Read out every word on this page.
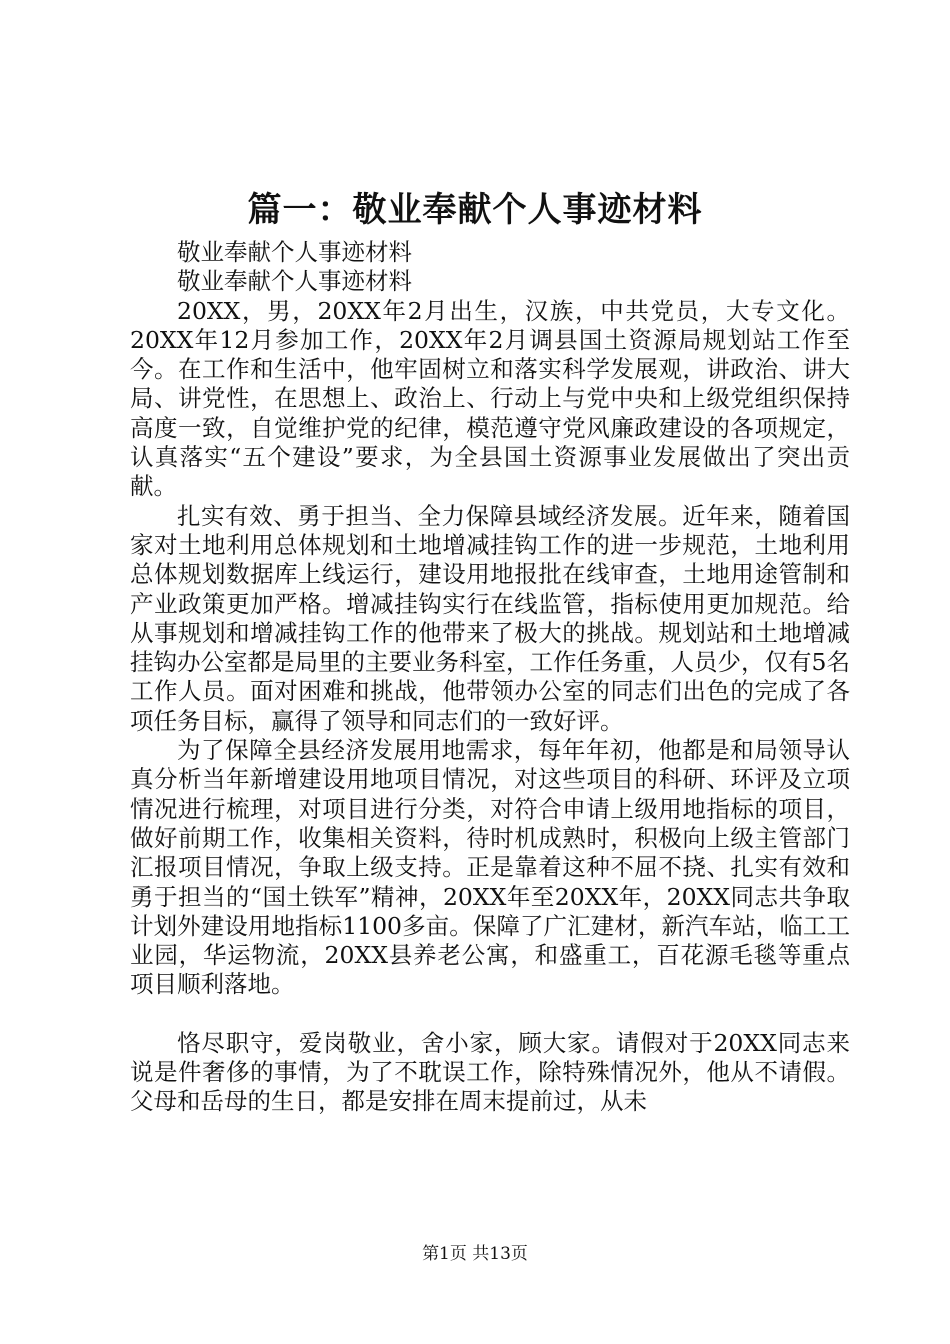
篇一：敬业奉献个人事迹材料

敬业奉献个人事迹材料

敬业奉献个人事迹材料

20XX，男，20XX年2月出生，汉族，中共党员，大专文化。20XX年12月参加工作，20XX年2月调县国土资源局规划站工作至今。在工作和生活中，他牢固树立和落实科学发展观，讲政治、讲大局、讲党性，在思想上、政治上、行动上与党中央和上级党组织保持高度一致，自觉维护党的纪律，模范遵守党风廉政建设的各项规定，认真落实“五个建设”要求，为全县国土资源事业发展做出了突出贡献。

扎实有效、勇于担当、全力保障县域经济发展。近年来，随着国家对土地利用总体规划和土地增减挂钩工作的进一步规范，土地利用总体规划数据库上线运行，建设用地报批在线审查，土地用途管制和产业政策更加严格。增减挂钩实行在线监管，指标使用更加规范。给从事规划和增减挂钩工作的他带来了极大的挑战。规划站和土地增减挂钩办公室都是局里的主要业务科室，工作任务重，人员少，仅有5名工作人员。面对困难和挑战，他带领办公室的同志们出色的完成了各项任务目标，赢得了领导和同志们的一致好评。

为了保障全县经济发展用地需求，每年年初，他都是和局领导认真分析当年新增建设用地项目情况，对这些项目的科研、环评及立项情况进行梳理，对项目进行分类，对符合申请上级用地指标的项目，做好前期工作，收集相关资料，待时机成熟时，积极向上级主管部门汇报项目情况，争取上级支持。正是靠着这种不屈不挠、扎实有效和勇于担当的“国土铁军”精神，20XX年至20XX年，20XX同志共争取计划外建设用地指标1100多亩。保障了广汇建材，新汽车站，临工工业园，华运物流，20XX县养老公寓，和盛重工，百花源毛毯等重点项目顺利落地。

恪尽职守，爱岗敬业，舍小家，顾大家。请假对于20XX同志来说是件奢侈的事情，为了不耽误工作，除特殊情况外，他从不请假。父母和岳母的生日，都是安排在周末提前过，从未

第1页 共13页
